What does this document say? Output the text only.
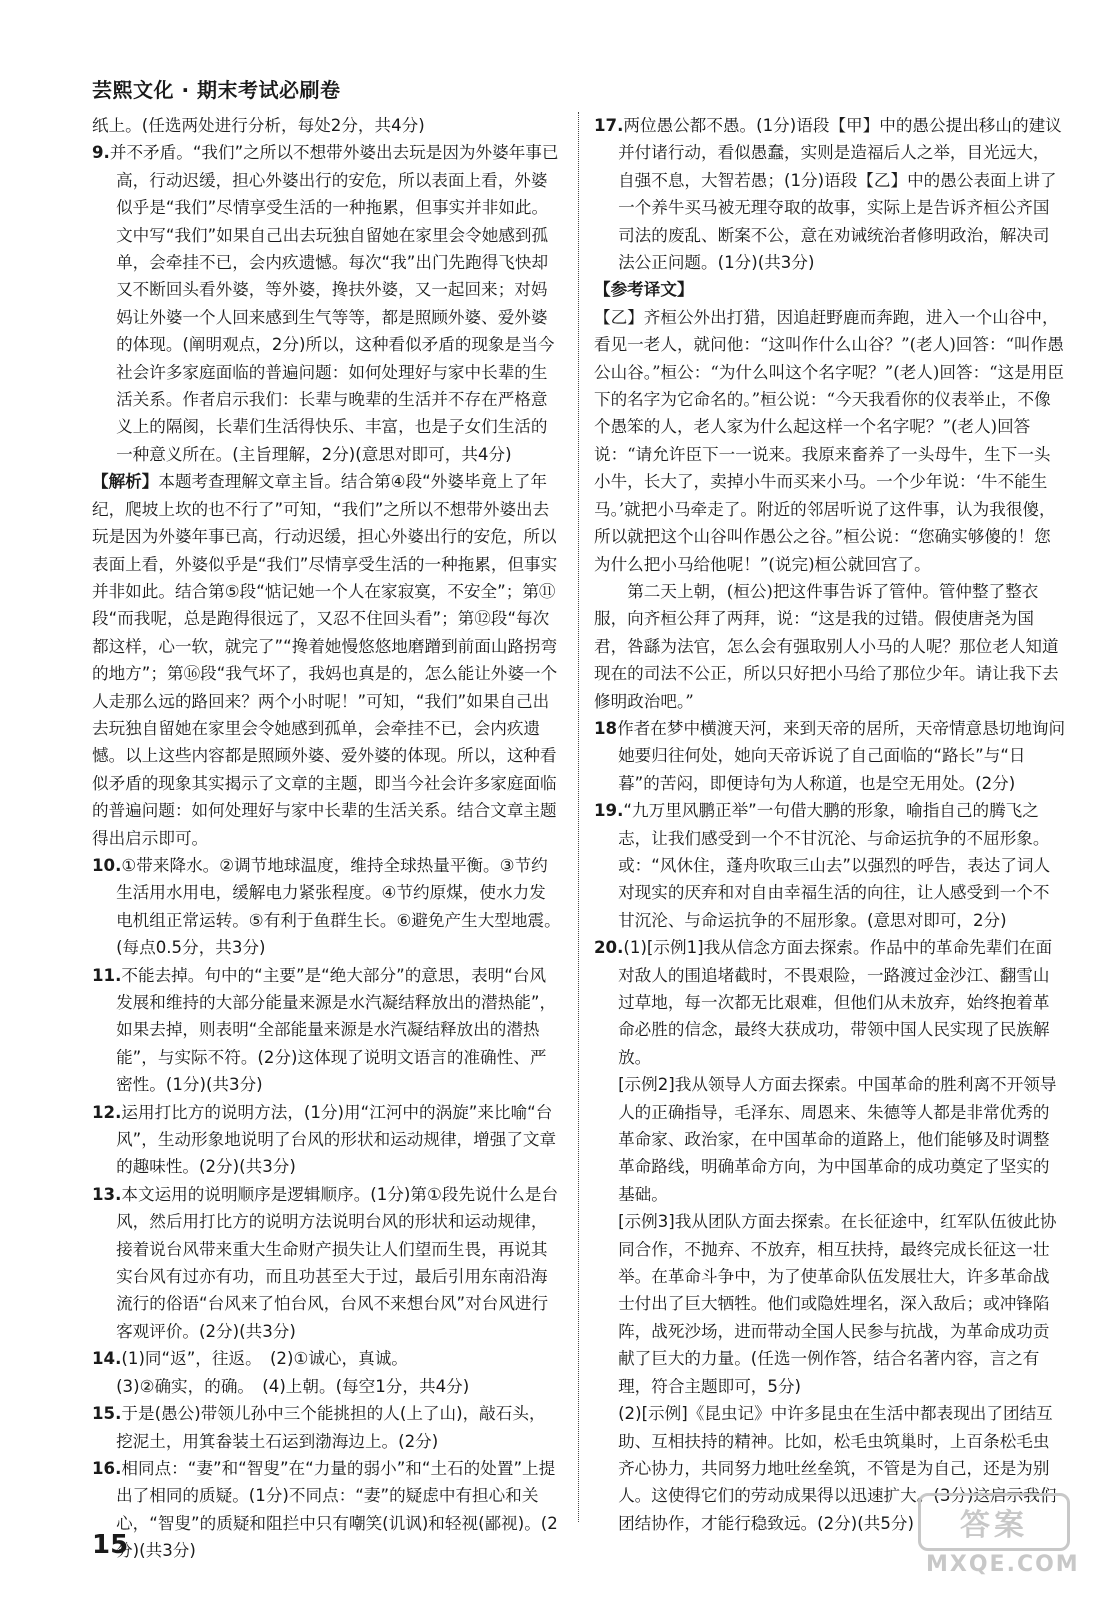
芸熙文化 · 期末考试必刷卷

纸上。(任选两处进行分析，每处2分，共4分)

9.并不矛盾。“我们”之所以不想带外婆出去玩是因为外婆年事已高，行动迟缓，担心外婆出行的安危，所以表面上看，外婆似乎是“我们”尽情享受生活的一种拖累，但事实并非如此。文中写“我们”如果自己出去玩独自留她在家里会令她感到孤单，会牵挂不已，会内疚遗憾。每次“我”出门先跑得飞快却又不断回头看外婆，等外婆，搀扶外婆，又一起回来；对妈妈让外婆一个人回来感到生气等等，都是照顾外婆、爱外婆的体现。(阐明观点，2分)所以，这种看似矛盾的现象是当今社会许多家庭面临的普遍问题：如何处理好与家中长辈的生活关系。作者启示我们：长辈与晚辈的生活并不存在严格意义上的隔阂，长辈们生活得快乐、丰富，也是子女们生活的一种意义所在。(主旨理解，2分)(意思对即可，共4分)

【解析】本题考查理解文章主旨。结合第④段“外婆毕竟上了年纪，爬坡上坎的也不行了”可知，“我们”之所以不想带外婆出去玩是因为外婆年事已高，行动迟缓，担心外婆出行的安危，所以表面上看，外婆似乎是“我们”尽情享受生活的一种拖累，但事实并非如此。结合第⑤段“惦记她一个人在家寂寞，不安全”；第⑪段“而我呢，总是跑得很远了，又忍不住回头看”；第⑫段“每次都这样，心一软，就完了”“搀着她慢悠悠地磨蹭到前面山路拐弯的地方”；第⑯段“我气坏了，我妈也真是的，怎么能让外婆一个人走那么远的路回来？两个小时呢！”可知，“我们”如果自己出去玩独自留她在家里会令她感到孤单，会牵挂不已，会内疚遗憾。以上这些内容都是照顾外婆、爱外婆的体现。所以，这种看似矛盾的现象其实揭示了文章的主题，即当今社会许多家庭面临的普遍问题：如何处理好与家中长辈的生活关系。结合文章主题得出启示即可。

10.①带来降水。②调节地球温度，维持全球热量平衡。③节约生活用水用电，缓解电力紧张程度。④节约原煤，使水力发电机组正常运转。⑤有利于鱼群生长。⑥避免产生大型地震。(每点0.5分，共3分)

11.不能去掉。句中的“主要”是“绝大部分”的意思，表明“台风发展和维持的大部分能量来源是水汽凝结释放出的潜热能”，如果去掉，则表明“全部能量来源是水汽凝结释放出的潜热能”，与实际不符。(2分)这体现了说明文语言的准确性、严密性。(1分)(共3分)

12.运用打比方的说明方法，(1分)用“江河中的涡旋”来比喻“台风”，生动形象地说明了台风的形状和运动规律，增强了文章的趣味性。(2分)(共3分)

13.本文运用的说明顺序是逻辑顺序。(1分)第①段先说什么是台风，然后用打比方的说明方法说明台风的形状和运动规律，接着说台风带来重大生命财产损失让人们望而生畏，再说其实台风有过亦有功，而且功甚至大于过，最后引用东南沿海流行的俗语“台风来了怕台风，台风不来想台风”对台风进行客观评价。(2分)(共3分)

14.(1)同“返”，往返。　(2)①诚心，真诚。

(3)②确实，的确。　(4)上朝。(每空1分，共4分)

15.于是(愚公)带领儿孙中三个能挑担的人(上了山)，敲石头，挖泥土，用箕畚装土石运到渤海边上。(2分)

16.相同点：“妻”和“智叟”在“力量的弱小”和“土石的处置”上提出了相同的质疑。(1分)不同点：“妻”的疑虑中有担心和关心，“智叟”的质疑和阻拦中只有嘲笑(讥讽)和轻视(鄙视)。(2分)(共3分)

17.两位愚公都不愚。(1分)语段【甲】中的愚公提出移山的建议并付诸行动，看似愚蠢，实则是造福后人之举，目光远大，自强不息，大智若愚；(1分)语段【乙】中的愚公表面上讲了一个养牛买马被无理夺取的故事，实际上是告诉齐桓公齐国司法的废乱、断案不公，意在劝诫统治者修明政治，解决司法公正问题。(1分)(共3分)

【参考译文】

【乙】齐桓公外出打猎，因追赶野鹿而奔跑，进入一个山谷中，看见一老人，就问他：“这叫作什么山谷？”(老人)回答：“叫作愚公山谷。”桓公：“为什么叫这个名字呢？”(老人)回答：“这是用臣下的名字为它命名的。”桓公说：“今天我看你的仪表举止，不像个愚笨的人，老人家为什么起这样一个名字呢？”(老人)回答说：“请允许臣下一一说来。我原来畜养了一头母牛，生下一头小牛，长大了，卖掉小牛而买来小马。一个少年说：‘牛不能生马。’就把小马牵走了。附近的邻居听说了这件事，认为我很傻，所以就把这个山谷叫作愚公之谷。”桓公说：“您确实够傻的！您为什么把小马给他呢！”(说完)桓公就回宫了。

第二天上朝，(桓公)把这件事告诉了管仲。管仲整了整衣服，向齐桓公拜了两拜，说：“这是我的过错。假使唐尧为国君，咎繇为法官，怎么会有强取别人小马的人呢？那位老人知道现在的司法不公正，所以只好把小马给了那位少年。请让我下去修明政治吧。”

18作者在梦中横渡天河，来到天帝的居所，天帝情意恳切地询问她要归往何处，她向天帝诉说了自己面临的“路长”与“日暮”的苦闷，即便诗句为人称道，也是空无用处。(2分)

19.“九万里风鹏正举”一句借大鹏的形象，喻指自己的腾飞之志，让我们感受到一个不甘沉沦、与命运抗争的不屈形象。或：“风休住，蓬舟吹取三山去”以强烈的呼告，表达了词人对现实的厌弃和对自由幸福生活的向往，让人感受到一个不甘沉沦、与命运抗争的不屈形象。(意思对即可，2分)

20.(1)[示例1]我从信念方面去探索。作品中的革命先辈们在面对敌人的围追堵截时，不畏艰险，一路渡过金沙江、翻雪山过草地，每一次都无比艰难，但他们从未放弃，始终抱着革命必胜的信念，最终大获成功，带领中国人民实现了民族解放。

[示例2]我从领导人方面去探索。中国革命的胜利离不开领导人的正确指导，毛泽东、周恩来、朱德等人都是非常优秀的革命家、政治家，在中国革命的道路上，他们能够及时调整革命路线，明确革命方向，为中国革命的成功奠定了坚实的基础。

[示例3]我从团队方面去探索。在长征途中，红军队伍彼此协同合作，不抛弃、不放弃，相互扶持，最终完成长征这一壮举。在革命斗争中，为了使革命队伍发展壮大，许多革命战士付出了巨大牺牲。他们或隐姓埋名，深入敌后；或冲锋陷阵，战死沙场，进而带动全国人民参与抗战，为革命成功贡献了巨大的力量。(任选一例作答，结合名著内容，言之有理，符合主题即可，5分)

(2)[示例]《昆虫记》中许多昆虫在生活中都表现出了团结互助、互相扶持的精神。比如，松毛虫筑巢时，上百条松毛虫齐心协力，共同努力地吐丝垒筑，不管是为自己，还是为别人。这使得它们的劳动成果得以迅速扩大。(3分)这启示我们团结协作，才能行稳致远。(2分)(共5分)

15
答案
MXQE.COM
